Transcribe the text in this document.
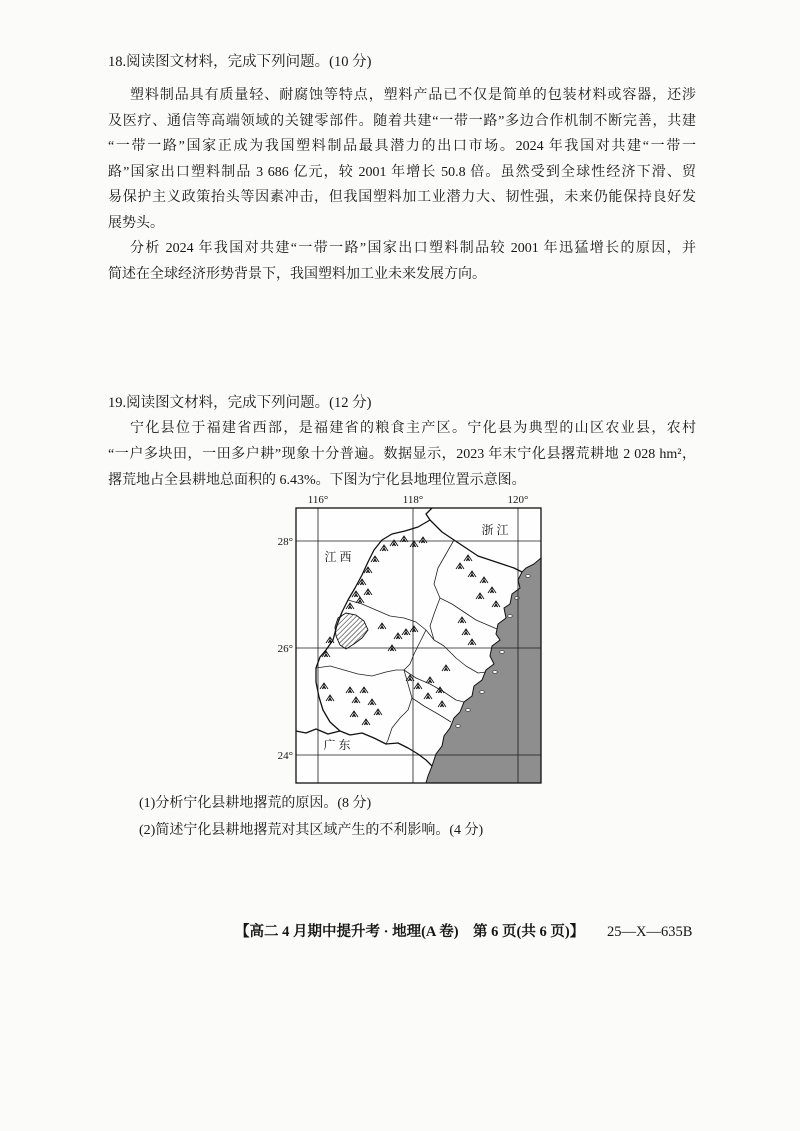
18.阅读图文材料，完成下列问题。(10 分)
塑料制品具有质量轻、耐腐蚀等特点，塑料产品已不仅是简单的包装材料或容器，还涉
及医疗、通信等高端领域的关键零部件。随着共建“一带一路”多边合作机制不断完善，共建
“一带一路”国家正成为我国塑料制品最具潜力的出口市场。2024 年我国对共建“一带一
路”国家出口塑料制品 3 686 亿元，较 2001 年增长 50.8 倍。虽然受到全球性经济下滑、贸
易保护主义政策抬头等因素冲击，但我国塑料加工业潜力大、韧性强，未来仍能保持良好发
展势头。
分析 2024 年我国对共建“一带一路”国家出口塑料制品较 2001 年迅猛增长的原因，并
简述在全球经济形势背景下，我国塑料加工业未来发展方向。
19.阅读图文材料，完成下列问题。(12 分)
宁化县位于福建省西部，是福建省的粮食主产区。宁化县为典型的山区农业县，农村
“一户多块田，一田多户耕”现象十分普遍。数据显示，2023 年末宁化县撂荒耕地 2 028 hm²，
撂荒地占全县耕地总面积的 6.43%。下图为宁化县地理位置示意图。
浙 江
江 西
广 东
116°	118°	120°
28°
26°
24°
(1)分析宁化县耕地撂荒的原因。(8 分)
(2)简述宁化县耕地撂荒对其区域产生的不利影响。(4 分)
【高二 4 月期中提升考 · 地理(A 卷)　第 6 页(共 6 页)】 25—X—635B
